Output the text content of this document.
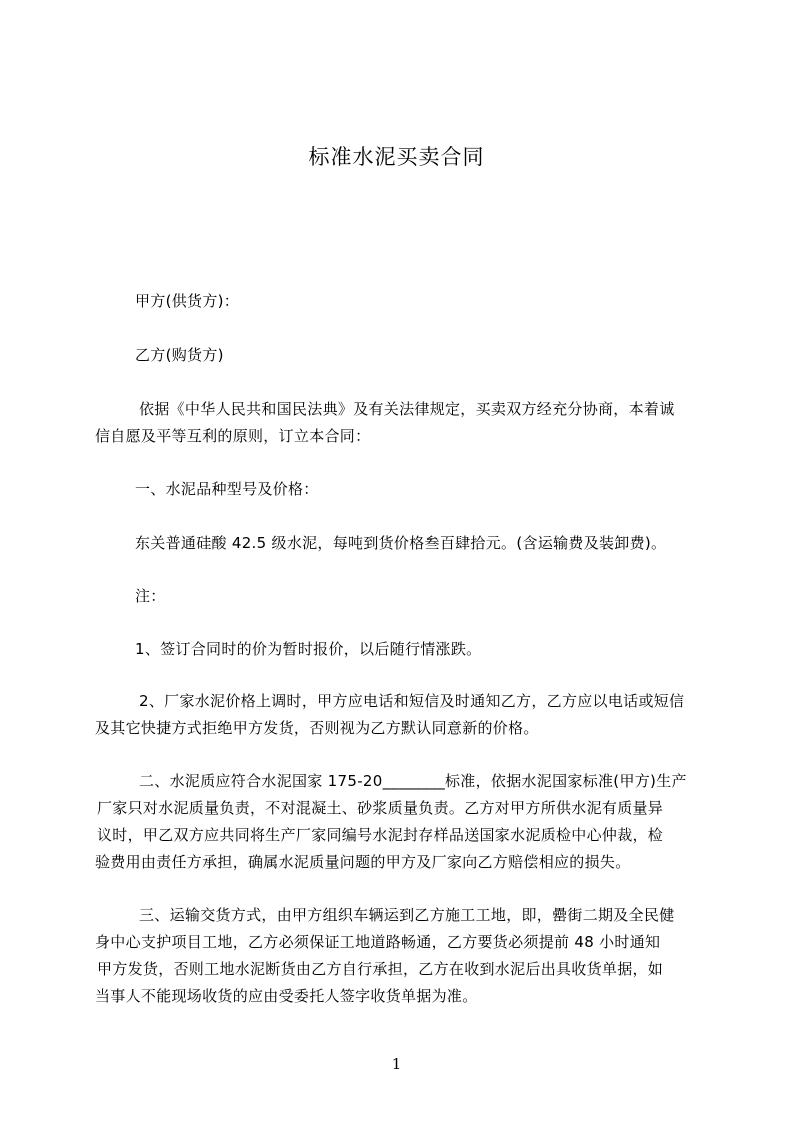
标准水泥买卖合同
甲方(供货方)：
乙方(购货方)
依据《中华人民共和国民法典》及有关法律规定，买卖双方经充分协商，本着诚
信自愿及平等互利的原则，订立本合同：
一、水泥品种型号及价格：
东关普通硅酸 42.5 级水泥，每吨到货价格叁百肆拾元。(含运输费及装卸费)。
注：
1、签订合同时的价为暂时报价，以后随行情涨跌。
2、厂家水泥价格上调时，甲方应电话和短信及时通知乙方，乙方应以电话或短信
及其它快捷方式拒绝甲方发货，否则视为乙方默认同意新的价格。
二、水泥质应符合水泥国家 175-20________标准，依据水泥国家标准(甲方)生产
厂家只对水泥质量负责，不对混凝土、砂浆质量负责。乙方对甲方所供水泥有质量异
议时，甲乙双方应共同将生产厂家同编号水泥封存样品送国家水泥质检中心仲裁，检
验费用由责任方承担，确属水泥质量问题的甲方及厂家向乙方赔偿相应的损失。
三、运输交货方式，由甲方组织车辆运到乙方施工工地，即，罍街二期及全民健
身中心支护项目工地，乙方必须保证工地道路畅通，乙方要货必须提前 48 小时通知
甲方发货，否则工地水泥断货由乙方自行承担，乙方在收到水泥后出具收货单据，如
当事人不能现场收货的应由受委托人签字收货单据为准。
1
